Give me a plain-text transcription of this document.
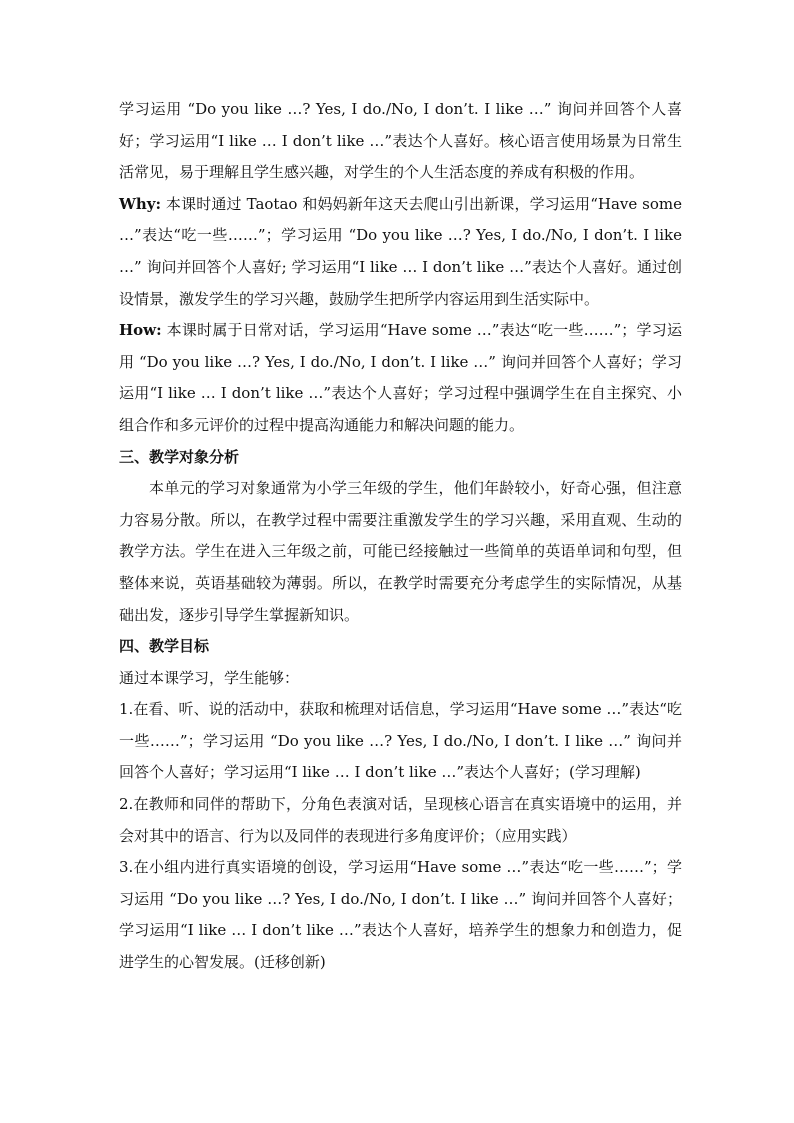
学习运用 “Do you like …? Yes, I do./No, I don’t. I like …” 询问并回答个人喜好；学习运用“I like … I don’t like …”表达个人喜好。核心语言使用场景为日常生活常见，易于理解且学生感兴趣，对学生的个人生活态度的养成有积极的作用。

Why: 本课时通过 Taotao 和妈妈新年这天去爬山引出新课，学习运用“Have some …”表达“吃一些……”；学习运用 “Do you like …? Yes, I do./No, I don’t. I like …” 询问并回答个人喜好; 学习运用“I like … I don’t like …”表达个人喜好。通过创设情景，激发学生的学习兴趣，鼓励学生把所学内容运用到生活实际中。

How: 本课时属于日常对话，学习运用“Have some …”表达“吃一些……”；学习运用 “Do you like …? Yes, I do./No, I don’t. I like …” 询问并回答个人喜好；学习运用“I like … I don’t like …”表达个人喜好；学习过程中强调学生在自主探究、小组合作和多元评价的过程中提高沟通能力和解决问题的能力。

三、教学对象分析

本单元的学习对象通常为小学三年级的学生，他们年龄较小，好奇心强，但注意力容易分散。所以，在教学过程中需要注重激发学生的学习兴趣，采用直观、生动的教学方法。学生在进入三年级之前，可能已经接触过一些简单的英语单词和句型，但整体来说，英语基础较为薄弱。所以，在教学时需要充分考虑学生的实际情况，从基础出发，逐步引导学生掌握新知识。

四、教学目标

通过本课学习，学生能够：

1.在看、听、说的活动中，获取和梳理对话信息，学习运用“Have some …”表达“吃一些……”；学习运用 “Do you like …? Yes, I do./No, I don’t. I like …” 询问并回答个人喜好；学习运用“I like … I don’t like …”表达个人喜好；(学习理解)

2.在教师和同伴的帮助下，分角色表演对话，呈现核心语言在真实语境中的运用，并会对其中的语言、行为以及同伴的表现进行多角度评价；（应用实践）

3.在小组内进行真实语境的创设，学习运用“Have some …”表达“吃一些……”；学习运用 “Do you like …? Yes, I do./No, I don’t. I like …” 询问并回答个人喜好；学习运用“I like … I don’t like …”表达个人喜好，培养学生的想象力和创造力，促进学生的心智发展。(迁移创新)
